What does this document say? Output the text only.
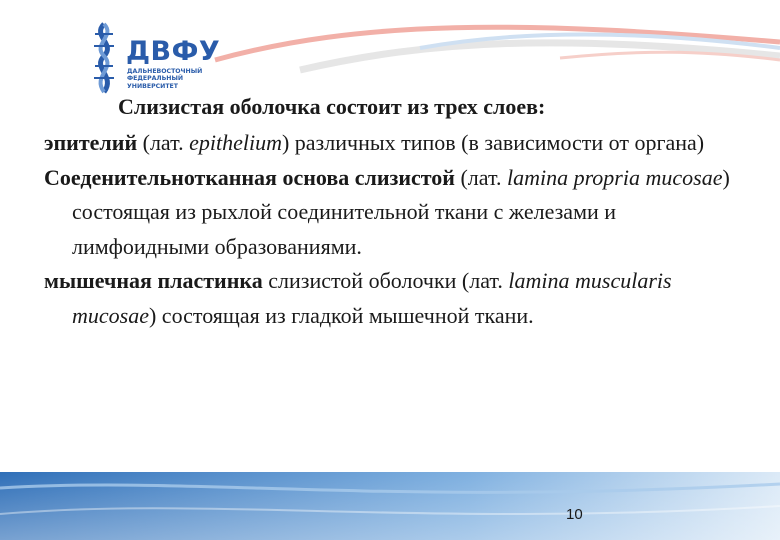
ДВФУ
ДАЛЬНЕВОСТОЧНЫЙ
ФЕДЕРАЛЬНЫЙ
УНИВЕРСИТЕТ
Слизистая оболочка состоит из трех слоев:

эпителий (лат. epithelium) различных типов (в зависимости от органа)

Соеденительнотканная основа слизистой (лат. lamina propria mucosae) состоящая из рыхлой соединительной ткани с железами и лимфоидными образованиями.

мышечная пластинка слизистой оболочки (лат. lamina muscularis mucosae) состоящая из гладкой мышечной ткани.

10
